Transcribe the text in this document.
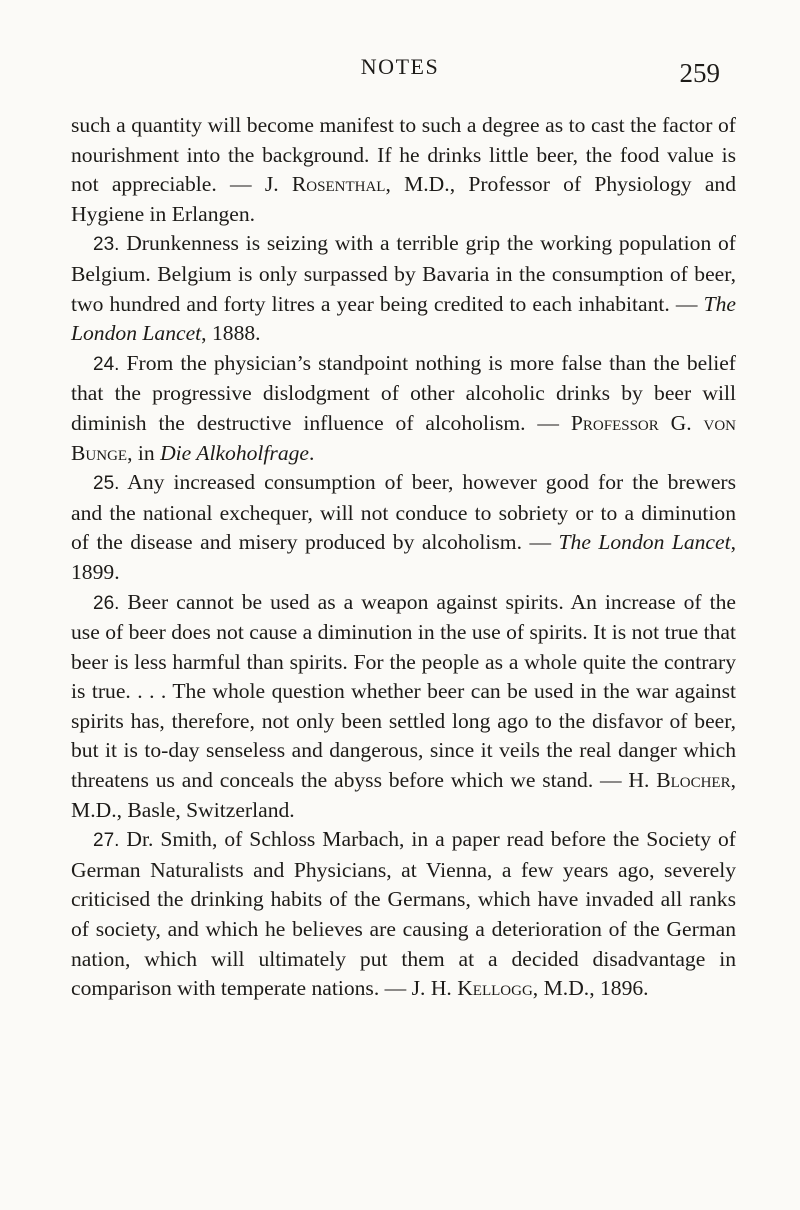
NOTES	259

such a quantity will become manifest to such a degree as to cast the factor of nourishment into the background. If he drinks little beer, the food value is not appreciable. — J. Rosenthal, M.D., Professor of Physiology and Hygiene in Erlangen.

23. Drunkenness is seizing with a terrible grip the working population of Belgium. Belgium is only surpassed by Bavaria in the consumption of beer, two hundred and forty litres a year being credited to each inhabitant. — The London Lancet, 1888.

24. From the physician’s standpoint nothing is more false than the belief that the progressive dislodgment of other alcoholic drinks by beer will diminish the destructive influence of alcoholism. — Professor G. von Bunge, in Die Alkoholfrage.

25. Any increased consumption of beer, however good for the brewers and the national exchequer, will not conduce to sobriety or to a diminution of the disease and misery produced by alcoholism. — The London Lancet, 1899.

26. Beer cannot be used as a weapon against spirits. An increase of the use of beer does not cause a diminution in the use of spirits. It is not true that beer is less harmful than spirits. For the people as a whole quite the contrary is true. . . . The whole question whether beer can be used in the war against spirits has, therefore, not only been settled long ago to the disfavor of beer, but it is to-day senseless and dangerous, since it veils the real danger which threatens us and conceals the abyss before which we stand. — H. Blocher, M.D., Basle, Switzerland.

27. Dr. Smith, of Schloss Marbach, in a paper read before the Society of German Naturalists and Physicians, at Vienna, a few years ago, severely criticised the drinking habits of the Germans, which have invaded all ranks of society, and which he believes are causing a deterioration of the German nation, which will ultimately put them at a decided disadvantage in comparison with temperate nations. — J. H. Kellogg, M.D., 1896.
